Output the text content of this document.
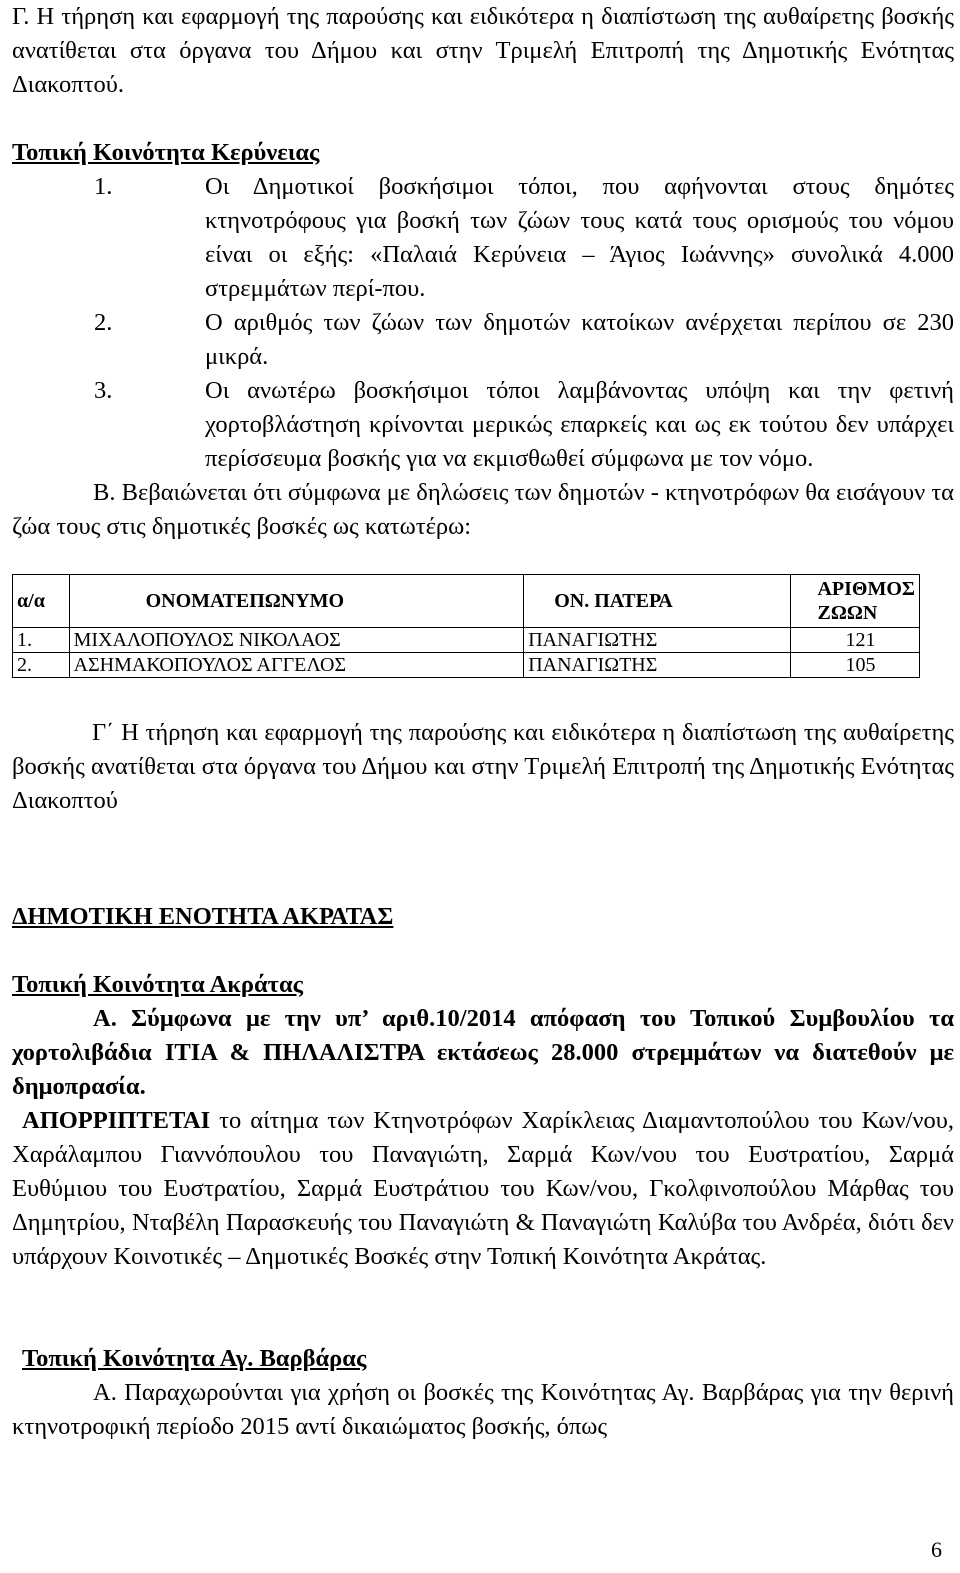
Γ. Η τήρηση και εφαρμογή της παρούσης και ειδικότερα η διαπίστωση της αυθαίρετης βοσκής ανατίθεται στα όργανα του Δήμου και στην Τριμελή Επιτροπή της Δημοτικής Ενότητας Διακοπτού.

Τοπική Κοινότητα Κερύνειας

1.	Οι Δημοτικοί βοσκήσιμοι τόποι, που αφήνονται στους δημότες κτηνοτρόφους για βοσκή των ζώων τους κατά τους ορισμούς του νόμου είναι οι εξής: «Παλαιά Κερύνεια – Άγιος Ιωάννης» συνολικά 4.000 στρεμμάτων περί-που.

2.	Ο αριθμός των ζώων των δημοτών κατοίκων ανέρχεται περίπου σε 230 μικρά.

3.	Οι ανωτέρω βοσκήσιμοι τόποι λαμβάνοντας υπόψη και την φετινή χορτοβλάστηση κρίνονται μερικώς επαρκείς και ως εκ τούτου δεν υπάρχει περίσσευμα βοσκής για να εκμισθωθεί σύμφωνα με τον νόμο.

Β. Βεβαιώνεται ότι σύμφωνα με δηλώσεις των δημοτών - κτηνοτρόφων θα εισάγουν τα ζώα τους στις δημοτικές βοσκές ως κατωτέρω:

α/α	ΟΝΟΜΑΤΕΠΩΝΥΜΟ	ΟΝ. ΠΑΤΕΡΑ	ΑΡΙΘΜΟΣ ΖΩΩΝ
1.	ΜΙΧΑΛΟΠΟΥΛΟΣ ΝΙΚΟΛΑΟΣ	ΠΑΝΑΓΙΩΤΗΣ	121
2.	ΑΣΗΜΑΚΟΠΟΥΛΟΣ ΑΓΓΕΛΟΣ	ΠΑΝΑΓΙΩΤΗΣ	105

Γ΄ Η τήρηση και εφαρμογή της παρούσης και ειδικότερα η διαπίστωση της αυθαίρετης βοσκής ανατίθεται στα όργανα του Δήμου και στην Τριμελή Επιτροπή της Δημοτικής Ενότητας Διακοπτού

ΔΗΜΟΤΙΚΗ ΕΝΟΤΗΤΑ ΑΚΡΑΤΑΣ

Τοπική Κοινότητα Ακράτας

Α. Σύμφωνα με την υπ’ αριθ.10/2014 απόφαση του Τοπικού Συμβουλίου τα χορτολιβάδια ΙΤΙΑ & ΠΗΛΑΛΙΣΤΡΑ εκτάσεως 28.000 στρεμμάτων να διατεθούν με δημοπρασία.

ΑΠΟΡΡΙΠΤΕΤΑΙ το αίτημα των Κτηνοτρόφων Χαρίκλειας Διαμαντοπούλου του Κων/νου, Χαράλαμπου Γιαννόπουλου του Παναγιώτη, Σαρμά Κων/νου του Ευστρατίου, Σαρμά Ευθύμιου του Ευστρατίου, Σαρμά Ευστράτιου του Κων/νου, Γκολφινοπούλου Μάρθας του Δημητρίου, Νταβέλη Παρασκευής του Παναγιώτη & Παναγιώτη Καλύβα του Ανδρέα, διότι δεν υπάρχουν Κοινοτικές – Δημοτικές Βοσκές στην Τοπική Κοινότητα Ακράτας.

Τοπική Κοινότητα Αγ. Βαρβάρας

Α. Παραχωρούνται για χρήση οι βοσκές της Κοινότητας Αγ. Βαρβάρας για την θερινή κτηνοτροφική περίοδο 2015 αντί δικαιώματος βοσκής, όπως

6
